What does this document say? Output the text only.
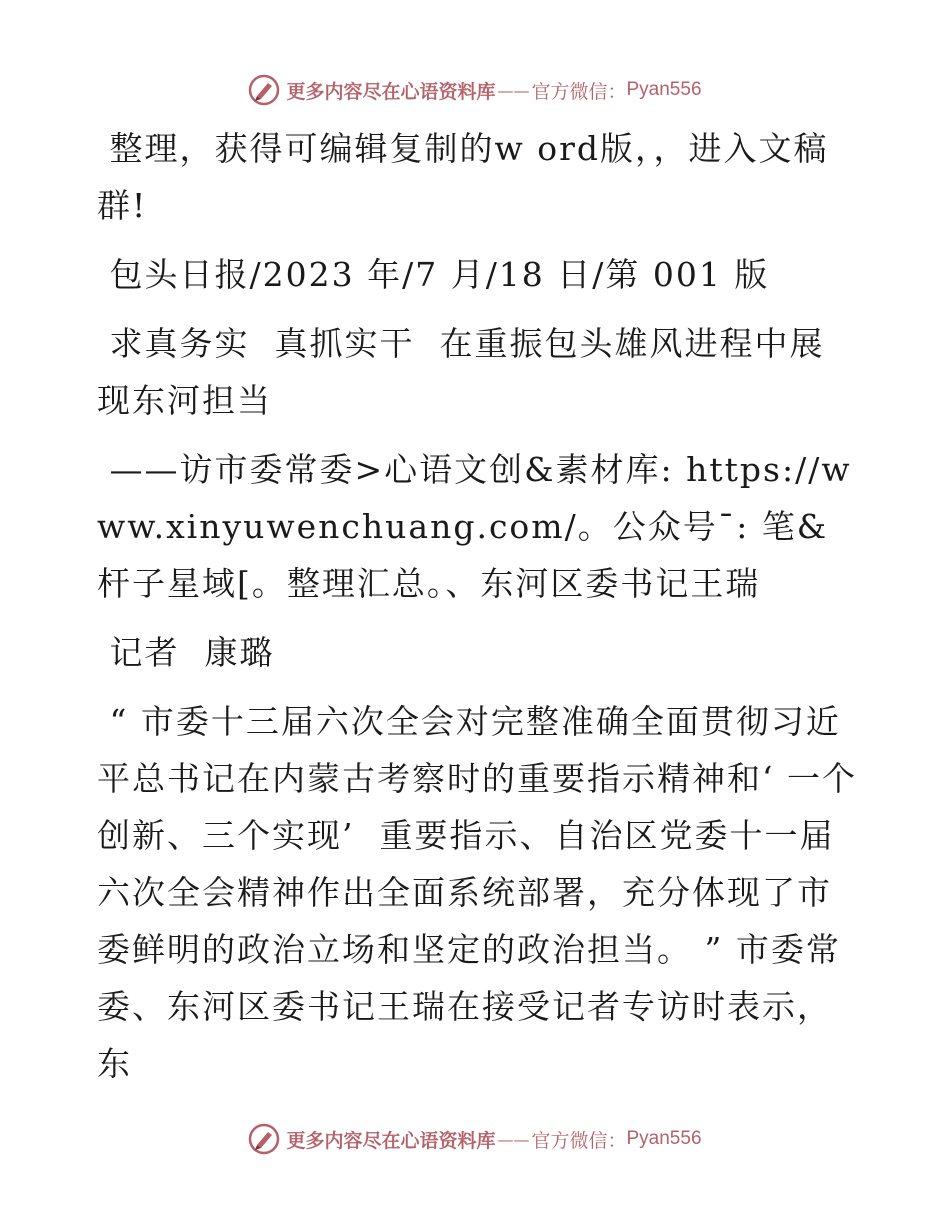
更多内容尽在心语资料库 —— 官方微信： Pyan556

整理，获得可编辑复制的w ord版，，进入文稿群!

包头日报/2023 年/7 月/18 日/第 001 版

求真务实  真抓实干  在重振包头雄风进程中展现东河担当

——访市委常委>心语文创&素材库: https://www.xinyuwenchuang.com/。公众号¯: 笔&杆子星域[。整理汇总。、东河区委书记王瑞

记者  康璐

“ 市委十三届六次全会对完整准确全面贯彻习近平总书记在内蒙古考察时的重要指示精神和‘ 一个创新、三个实现’  重要指示、自治区党委十一届六次全会精神作出全面系统部署，充分体现了市委鲜明的政治立场和坚定的政治担当。 ” 市委常委、东河区委书记王瑞在接受记者专访时表示，东

更多内容尽在心语资料库 —— 官方微信： Pyan556
